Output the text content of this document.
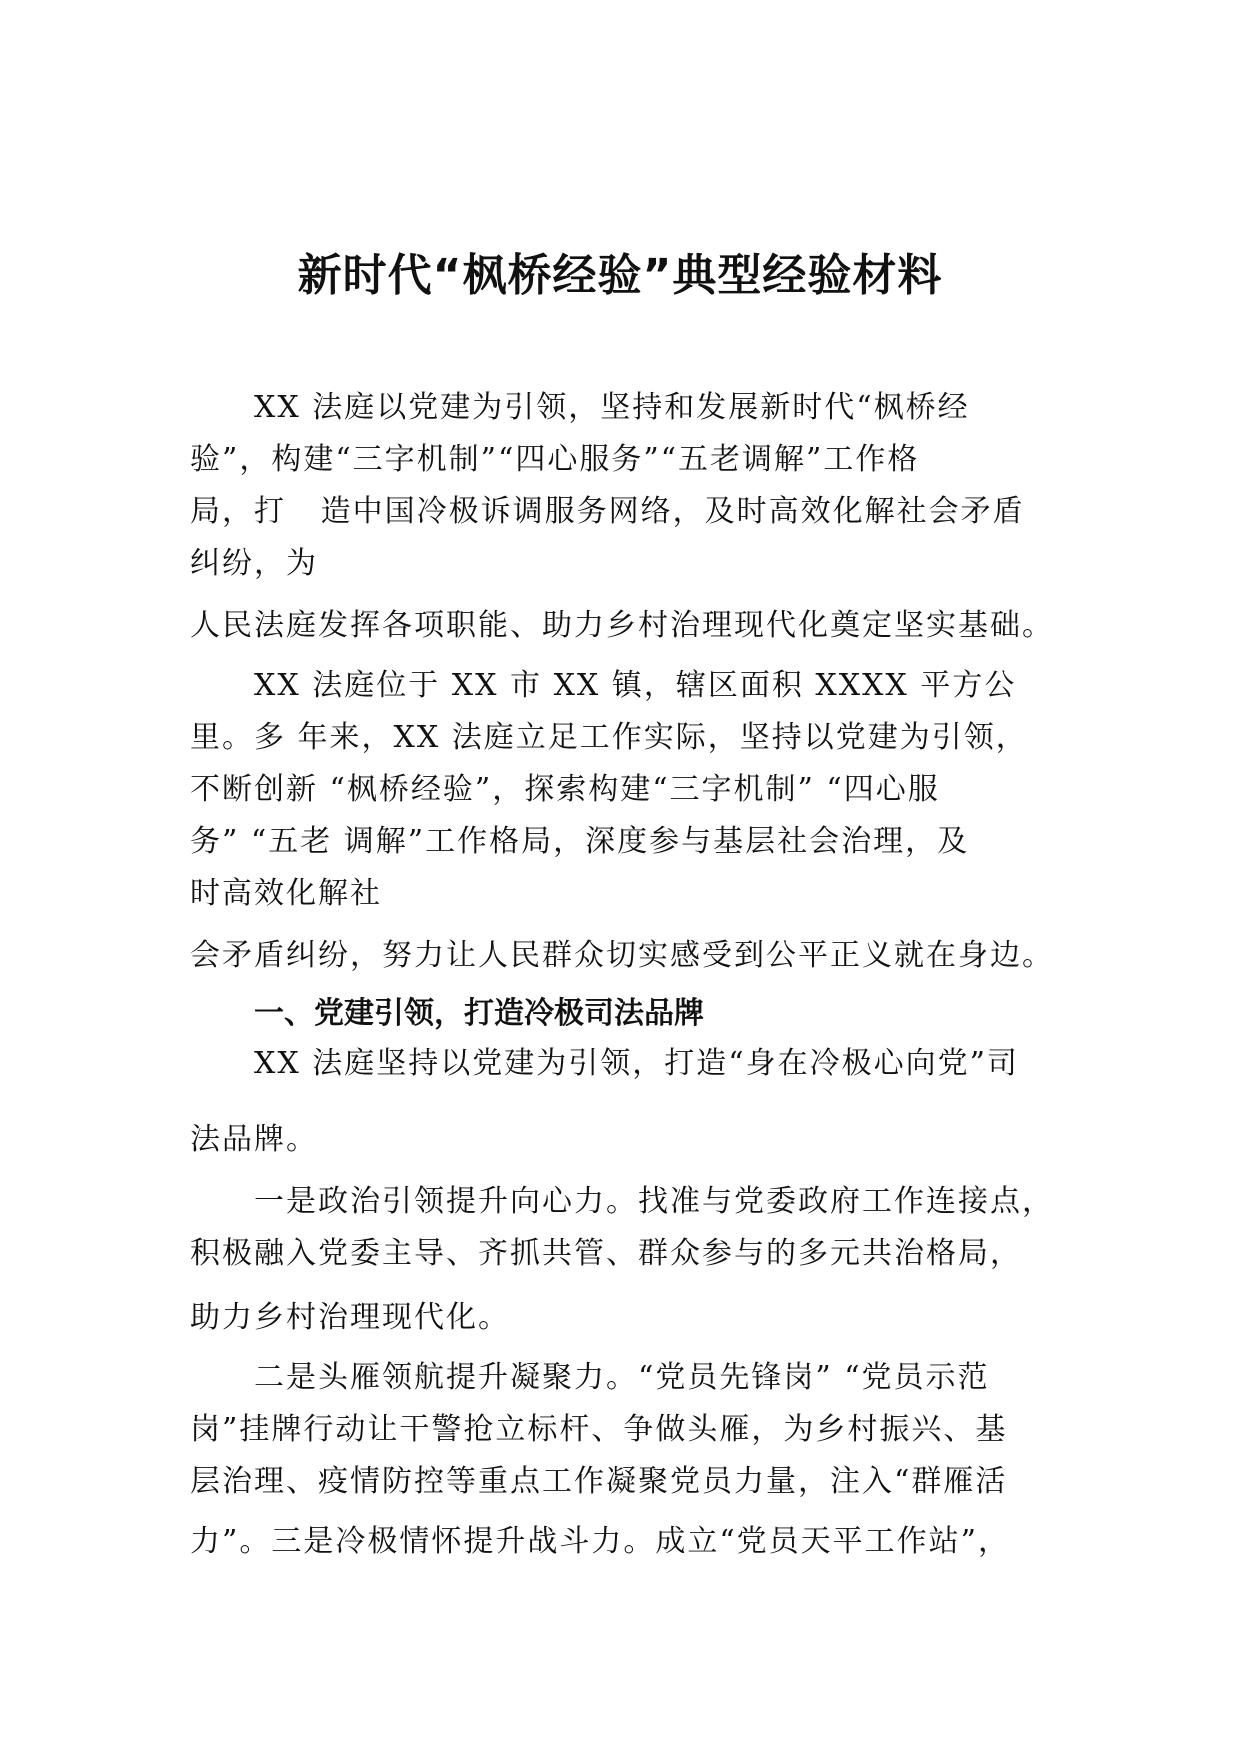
新时代“枫桥经验”典型经验材料
XX 法庭以党建为引领，坚持和发展新时代“枫桥经
验”，构建“三字机制”“四心服务”“五老调解”工作格
局，打   造中国冷极诉调服务网络，及时高效化解社会矛盾
纠纷，为
人民法庭发挥各项职能、助力乡村治理现代化奠定坚实基础。
XX 法庭位于 XX 市 XX 镇，辖区面积 XXXX 平方公
里。多 年来，XX 法庭立足工作实际，坚持以党建为引领，
不断创新 “枫桥经验”，探索构建“三字机制” “四心服
务” “五老 调解”工作格局，深度参与基层社会治理，及
时高效化解社
会矛盾纠纷，努力让人民群众切实感受到公平正义就在身边。
一、党建引领，打造冷极司法品牌
XX 法庭坚持以党建为引领，打造“身在冷极心向党”司
法品牌。
一是政治引领提升向心力。找准与党委政府工作连接点，
积极融入党委主导、齐抓共管、群众参与的多元共治格局，
助力乡村治理现代化。
二是头雁领航提升凝聚力。“党员先锋岗” “党员示范
岗”挂牌行动让干警抢立标杆、争做头雁，为乡村振兴、基
层治理、疫情防控等重点工作凝聚党员力量，注入“群雁活
力”。三是冷极情怀提升战斗力。成立“党员天平工作站”，
